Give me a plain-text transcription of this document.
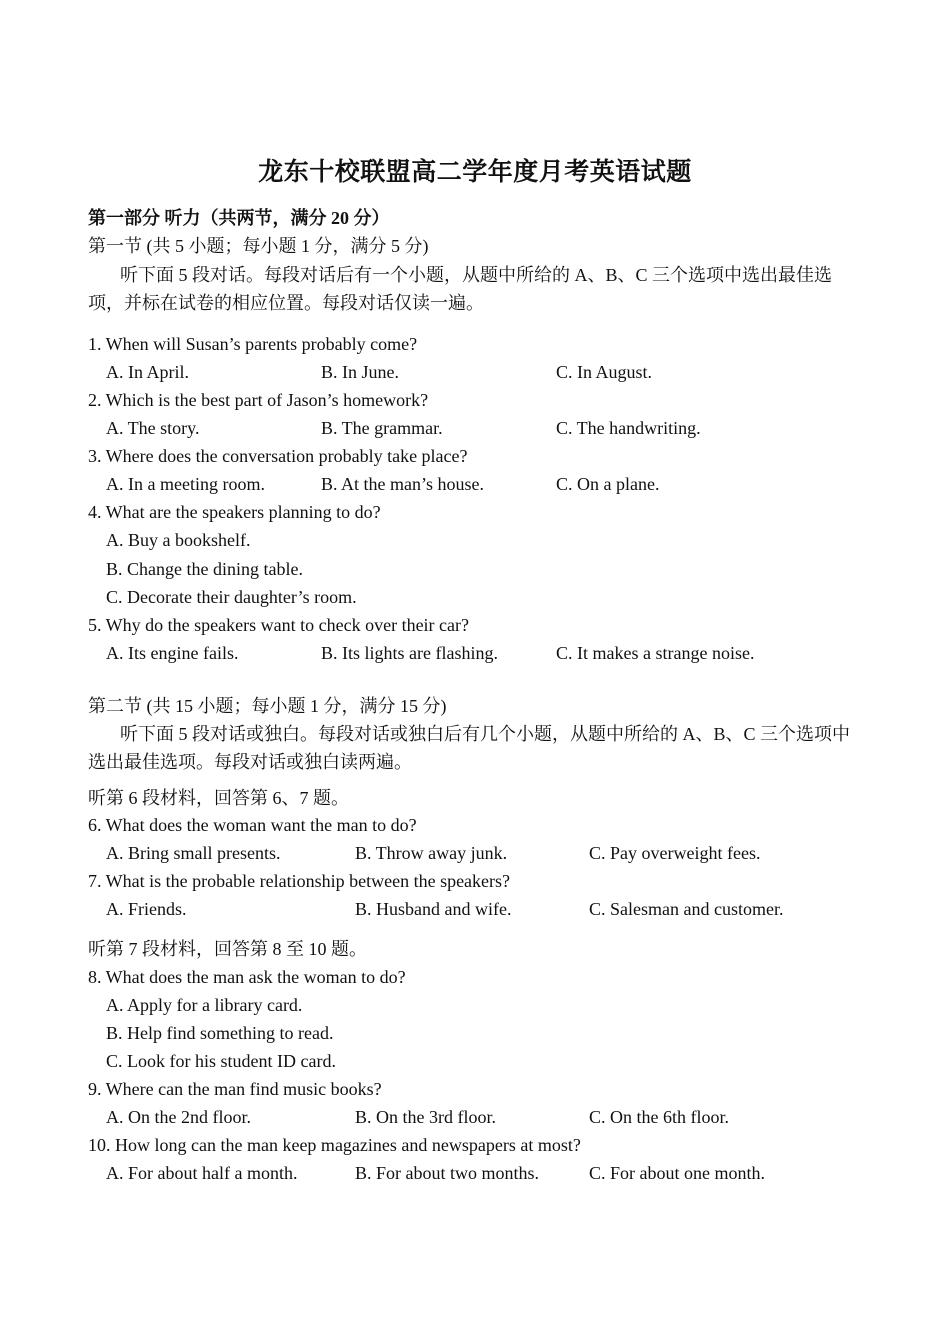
龙东十校联盟高二学年度月考英语试题
第一部分 听力（共两节，满分 20 分）
第一节 (共 5 小题；每小题 1 分，满分 5 分)
听下面 5 段对话。每段对话后有一个小题，从题中所给的 A、B、C 三个选项中选出最佳选项，并标在试卷的相应位置。每段对话仅读一遍。
1. When will Susan’s parents probably come?
A. In April.	B. In June.	C. In August.
2. Which is the best part of Jason’s homework?
A. The story.	B. The grammar.	C. The handwriting.
3. Where does the conversation probably take place?
A. In a meeting room.	B. At the man’s house.	C. On a plane.
4. What are the speakers planning to do?
A. Buy a bookshelf.
B. Change the dining table.
C. Decorate their daughter’s room.
5. Why do the speakers want to check over their car?
A. Its engine fails.	B. Its lights are flashing.	C. It makes a strange noise.
第二节 (共 15 小题；每小题 1 分，满分 15 分)
听下面 5 段对话或独白。每段对话或独白后有几个小题，从题中所给的 A、B、C 三个选项中选出最佳选项。每段对话或独白读两遍。
听第 6 段材料，回答第 6、7 题。
6. What does the woman want the man to do?
A. Bring small presents.	B. Throw away junk.	C. Pay overweight fees.
7. What is the probable relationship between the speakers?
A. Friends.	B. Husband and wife.	C. Salesman and customer.
听第 7 段材料，回答第 8 至 10 题。
8. What does the man ask the woman to do?
A. Apply for a library card.
B. Help find something to read.
C. Look for his student ID card.
9. Where can the man find music books?
A. On the 2nd floor.	B. On the 3rd floor.	C. On the 6th floor.
10. How long can the man keep magazines and newspapers at most?
A. For about half a month.	B. For about two months.	C. For about one month.
